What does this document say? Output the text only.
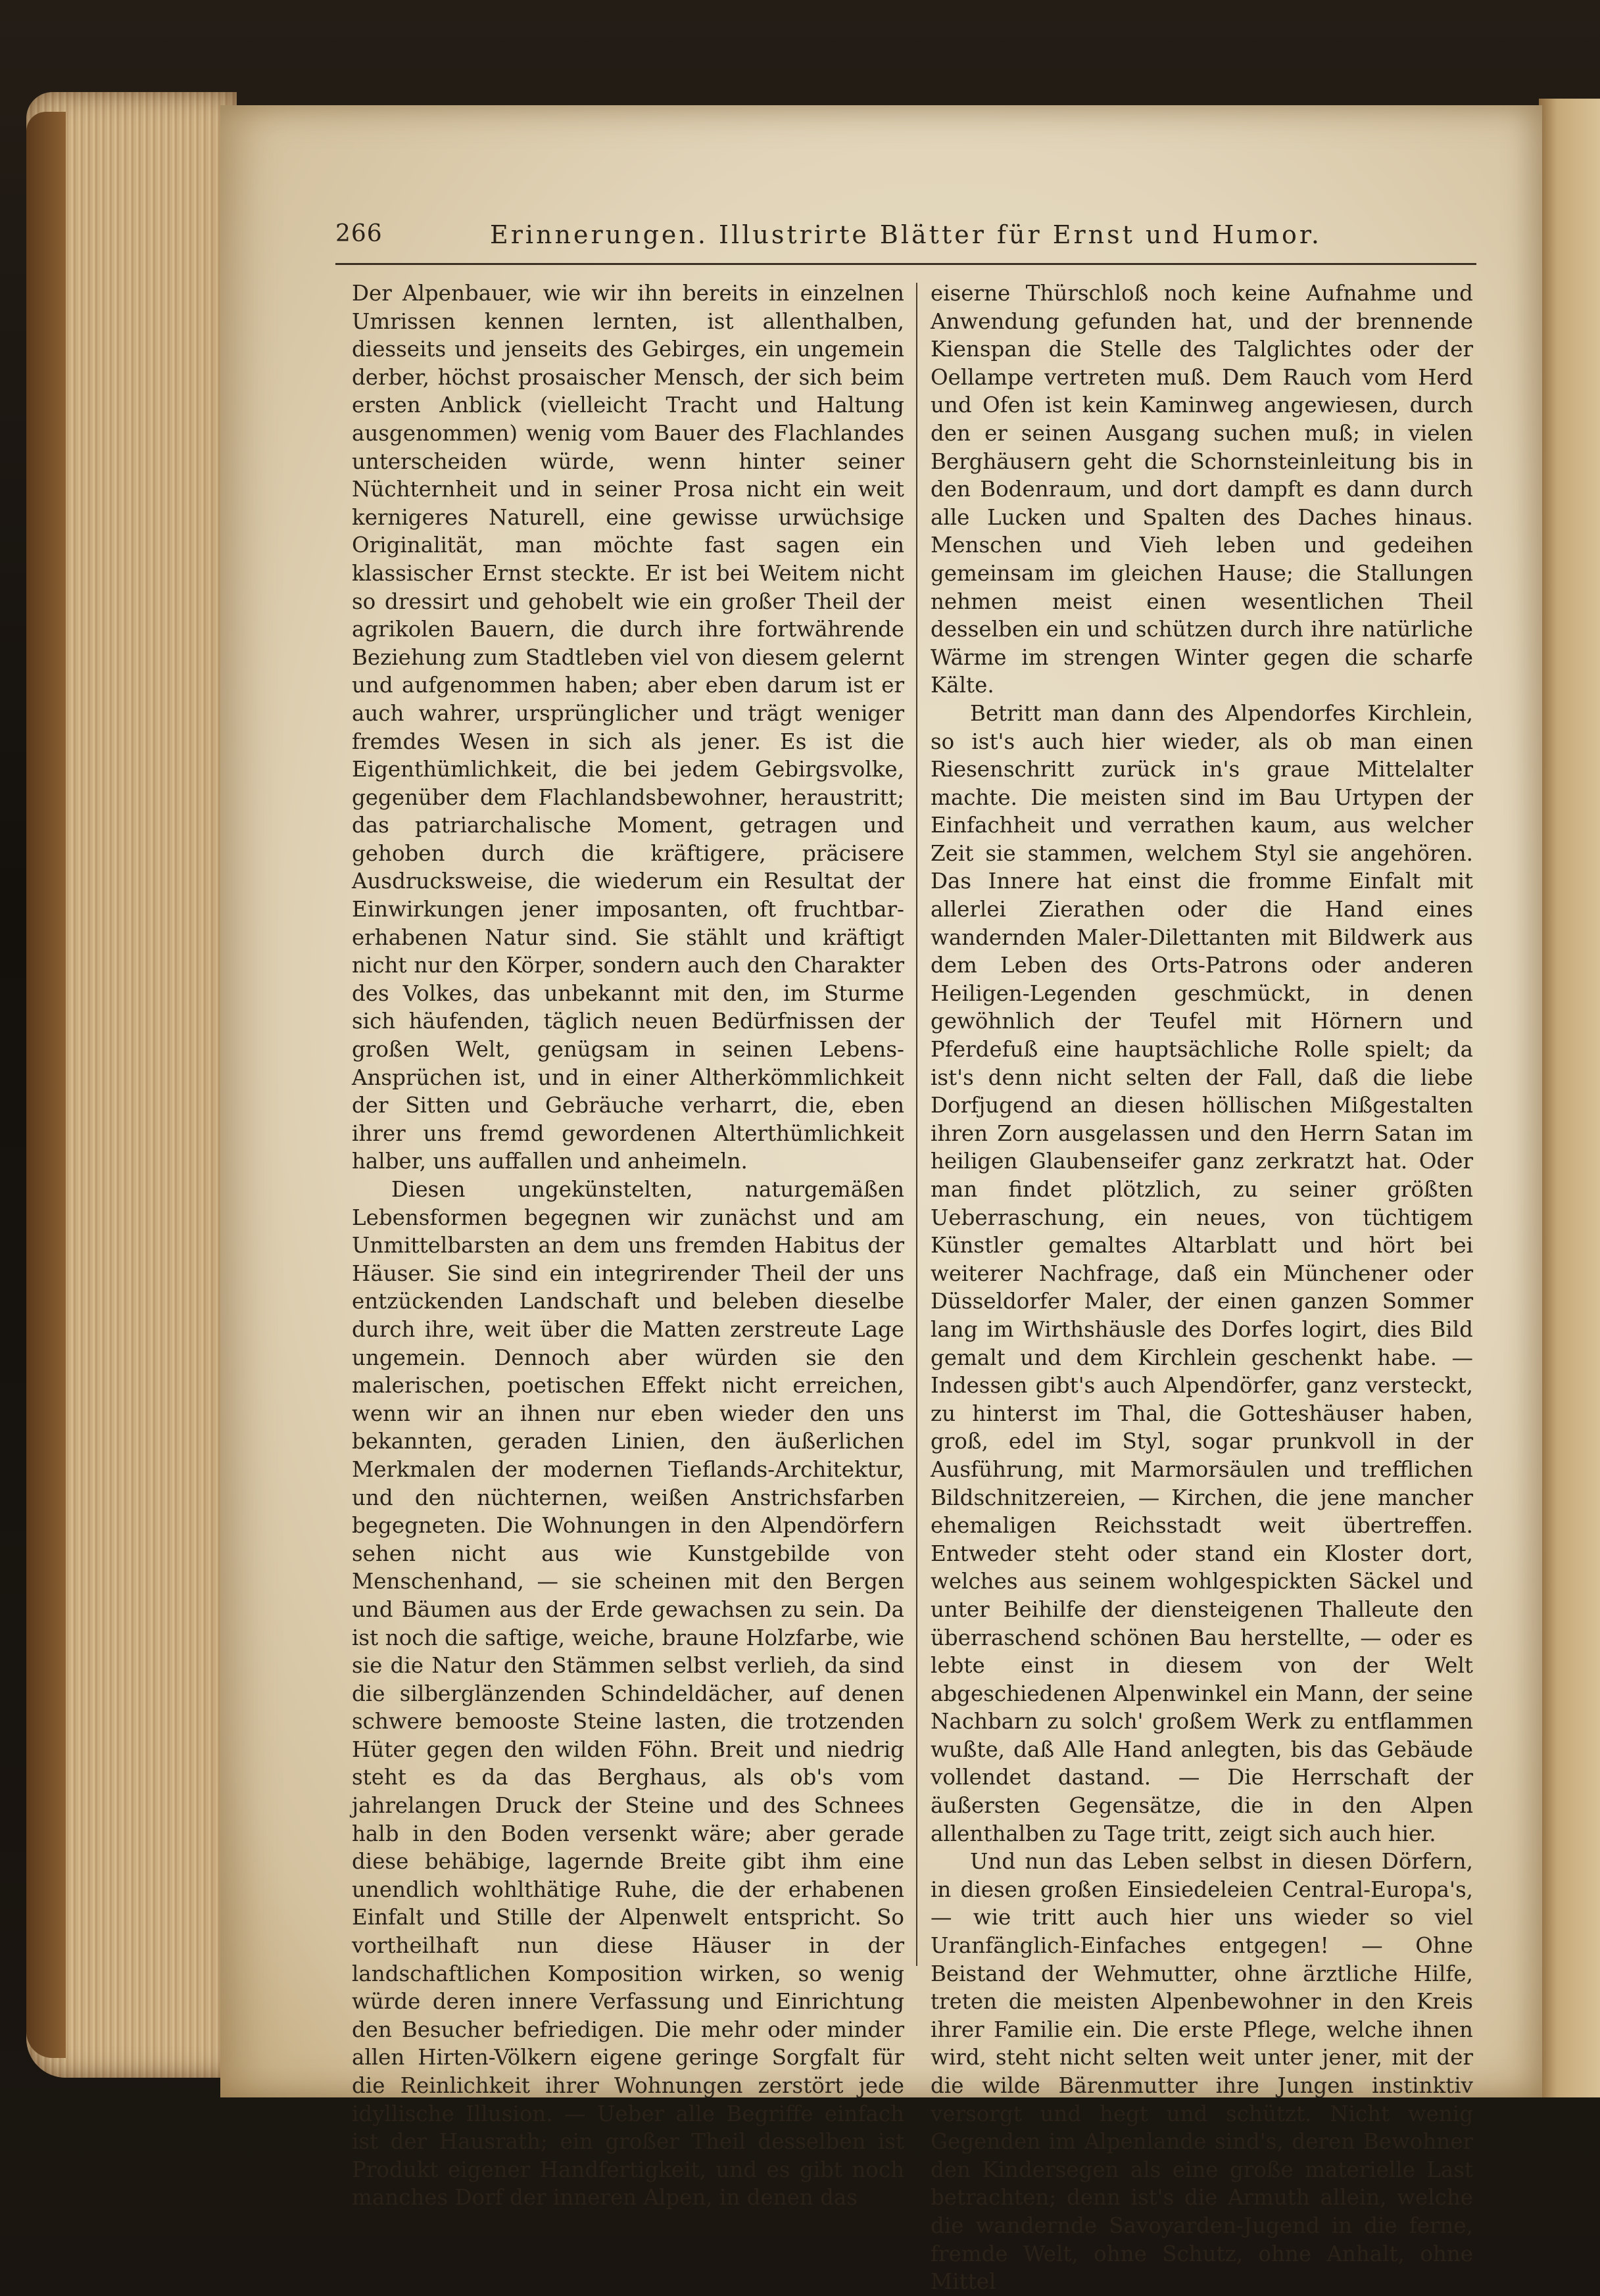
266	Erinnerungen. Illustrirte Blätter für Ernst und Humor.

Der Alpenbauer, wie wir ihn bereits in einzelnen Umrissen kennen lernten, ist allenthalben, diesseits und jenseits des Gebirges, ein ungemein derber, höchst prosaischer Mensch, der sich beim ersten Anblick (vielleicht Tracht und Haltung ausgenommen) wenig vom Bauer des Flachlandes unterscheiden würde, wenn hinter seiner Nüchternheit und in seiner Prosa nicht ein weit kernigeres Naturell, eine gewisse urwüchsige Originalität, man möchte fast sagen ein klassischer Ernst steckte. Er ist bei Weitem nicht so dressirt und gehobelt wie ein großer Theil der agrikolen Bauern, die durch ihre fortwährende Beziehung zum Stadtleben viel von diesem gelernt und aufgenommen haben; aber eben darum ist er auch wahrer, ursprünglicher und trägt weniger fremdes Wesen in sich als jener. Es ist die Eigenthümlichkeit, die bei jedem Gebirgsvolke, gegenüber dem Flachlandsbewohner, heraustritt; das patriarchalische Moment, getragen und gehoben durch die kräftigere, präcisere Ausdrucksweise, die wiederum ein Resultat der Einwirkungen jener imposanten, oft fruchtbar-erhabenen Natur sind. Sie stählt und kräftigt nicht nur den Körper, sondern auch den Charakter des Volkes, das unbekannt mit den, im Sturme sich häufenden, täglich neuen Bedürfnissen der großen Welt, genügsam in seinen Lebens-Ansprüchen ist, und in einer Altherkömmlichkeit der Sitten und Gebräuche verharrt, die, eben ihrer uns fremd gewordenen Alterthümlichkeit halber, uns auffallen und anheimeln.

Diesen ungekünstelten, naturgemäßen Lebensformen begegnen wir zunächst und am Unmittelbarsten an dem uns fremden Habitus der Häuser. Sie sind ein integrirender Theil der uns entzückenden Landschaft und beleben dieselbe durch ihre, weit über die Matten zerstreute Lage ungemein. Dennoch aber würden sie den malerischen, poetischen Effekt nicht erreichen, wenn wir an ihnen nur eben wieder den uns bekannten, geraden Linien, den äußerlichen Merkmalen der modernen Tieflands-Architektur, und den nüchternen, weißen Anstrichsfarben begegneten. Die Wohnungen in den Alpendörfern sehen nicht aus wie Kunstgebilde von Menschenhand, — sie scheinen mit den Bergen und Bäumen aus der Erde gewachsen zu sein. Da ist noch die saftige, weiche, braune Holzfarbe, wie sie die Natur den Stämmen selbst verlieh, da sind die silberglänzenden Schindeldächer, auf denen schwere bemooste Steine lasten, die trotzenden Hüter gegen den wilden Föhn. Breit und niedrig steht es da das Berghaus, als ob's vom jahrelangen Druck der Steine und des Schnees halb in den Boden versenkt wäre; aber gerade diese behäbige, lagernde Breite gibt ihm eine unendlich wohlthätige Ruhe, die der erhabenen Einfalt und Stille der Alpenwelt entspricht. So vortheilhaft nun diese Häuser in der landschaftlichen Komposition wirken, so wenig würde deren innere Verfassung und Einrichtung den Besucher befriedigen. Die mehr oder minder allen Hirten-Völkern eigene geringe Sorgfalt für die Reinlichkeit ihrer Wohnungen zerstört jede idyllische Illusion. — Ueber alle Begriffe einfach ist der Hausrath; ein großer Theil desselben ist Produkt eigener Handfertigkeit, und es gibt noch manches Dorf der inneren Alpen, in denen das

eiserne Thürschloß noch keine Aufnahme und Anwendung gefunden hat, und der brennende Kienspan die Stelle des Talglichtes oder der Oellampe vertreten muß. Dem Rauch vom Herd und Ofen ist kein Kaminweg angewiesen, durch den er seinen Ausgang suchen muß; in vielen Berghäusern geht die Schornsteinleitung bis in den Bodenraum, und dort dampft es dann durch alle Lucken und Spalten des Daches hinaus. Menschen und Vieh leben und gedeihen gemeinsam im gleichen Hause; die Stallungen nehmen meist einen wesentlichen Theil desselben ein und schützen durch ihre natürliche Wärme im strengen Winter gegen die scharfe Kälte.

Betritt man dann des Alpendorfes Kirchlein, so ist's auch hier wieder, als ob man einen Riesenschritt zurück in's graue Mittelalter machte. Die meisten sind im Bau Urtypen der Einfachheit und verrathen kaum, aus welcher Zeit sie stammen, welchem Styl sie angehören. Das Innere hat einst die fromme Einfalt mit allerlei Zierathen oder die Hand eines wandernden Maler-Dilettanten mit Bildwerk aus dem Leben des Orts-Patrons oder anderen Heiligen-Legenden geschmückt, in denen gewöhnlich der Teufel mit Hörnern und Pferdefuß eine hauptsächliche Rolle spielt; da ist's denn nicht selten der Fall, daß die liebe Dorfjugend an diesen höllischen Mißgestalten ihren Zorn ausgelassen und den Herrn Satan im heiligen Glaubenseifer ganz zerkratzt hat. Oder man findet plötzlich, zu seiner größten Ueberraschung, ein neues, von tüchtigem Künstler gemaltes Altarblatt und hört bei weiterer Nachfrage, daß ein Münchener oder Düsseldorfer Maler, der einen ganzen Sommer lang im Wirthshäusle des Dorfes logirt, dies Bild gemalt und dem Kirchlein geschenkt habe. — Indessen gibt's auch Alpendörfer, ganz versteckt, zu hinterst im Thal, die Gotteshäuser haben, groß, edel im Styl, sogar prunkvoll in der Ausführung, mit Marmorsäulen und trefflichen Bildschnitzereien, — Kirchen, die jene mancher ehemaligen Reichsstadt weit übertreffen. Entweder steht oder stand ein Kloster dort, welches aus seinem wohlgespickten Säckel und unter Beihilfe der diensteigenen Thalleute den überraschend schönen Bau herstellte, — oder es lebte einst in diesem von der Welt abgeschiedenen Alpenwinkel ein Mann, der seine Nachbarn zu solch' großem Werk zu entflammen wußte, daß Alle Hand anlegten, bis das Gebäude vollendet dastand. — Die Herrschaft der äußersten Gegensätze, die in den Alpen allenthalben zu Tage tritt, zeigt sich auch hier.

Und nun das Leben selbst in diesen Dörfern, in diesen großen Einsiedeleien Central-Europa's, — wie tritt auch hier uns wieder so viel Uranfänglich-Einfaches entgegen! — Ohne Beistand der Wehmutter, ohne ärztliche Hilfe, treten die meisten Alpenbewohner in den Kreis ihrer Familie ein. Die erste Pflege, welche ihnen wird, steht nicht selten weit unter jener, mit der die wilde Bärenmutter ihre Jungen instinktiv versorgt und hegt und schützt. Nicht wenig Gegenden im Alpenlande sind's, deren Bewohner den Kindersegen als eine große materielle Last betrachten; denn ist's die Armuth allein, welche die wandernde Savoyarden-Jugend in die ferne, fremde Welt, ohne Schutz, ohne Anhalt, ohne Mittel
